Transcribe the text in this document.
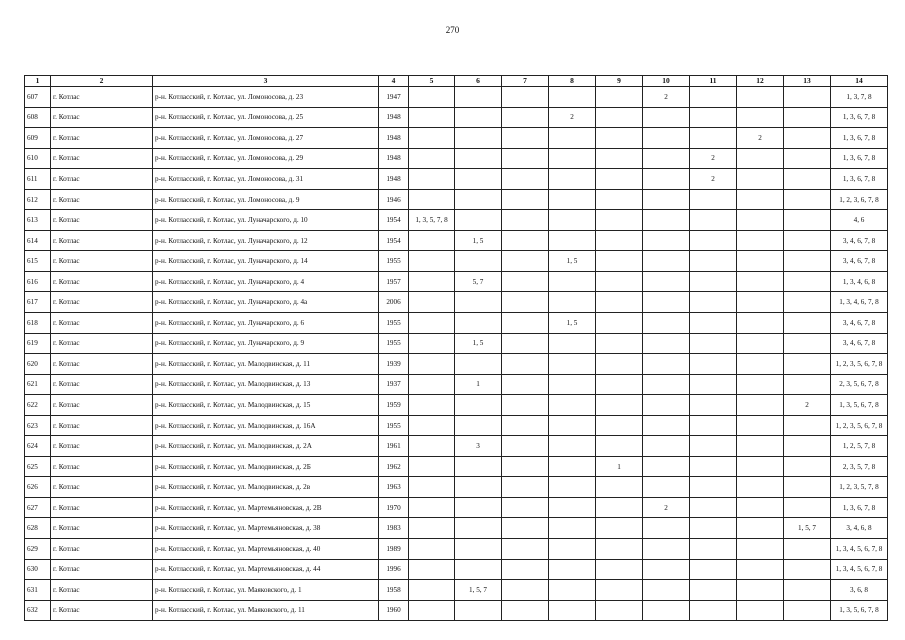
270
1	2	3	4	5	6	7	8	9	10	11	12	13	14
607	г. Котлас	р-н. Котласский, г. Котлас, ул. Ломоносова, д. 23	1947						2				1, 3, 7, 8
608	г. Котлас	р-н. Котласский, г. Котлас, ул. Ломоносова, д. 25	1948				2						1, 3, 6, 7, 8
609	г. Котлас	р-н. Котласский, г. Котлас, ул. Ломоносова, д. 27	1948								2		1, 3, 6, 7, 8
610	г. Котлас	р-н. Котласский, г. Котлас, ул. Ломоносова, д. 29	1948							2			1, 3, 6, 7, 8
611	г. Котлас	р-н. Котласский, г. Котлас, ул. Ломоносова, д. 31	1948							2			1, 3, 6, 7, 8
612	г. Котлас	р-н. Котласский, г. Котлас, ул. Ломоносова, д. 9	1946										1, 2, 3, 6, 7, 8
613	г. Котлас	р-н. Котласский, г. Котлас, ул. Луначарского, д. 10	1954	1, 3, 5, 7, 8									4, 6
614	г. Котлас	р-н. Котласский, г. Котлас, ул. Луначарского, д. 12	1954		1, 5								3, 4, 6, 7, 8
615	г. Котлас	р-н. Котласский, г. Котлас, ул. Луначарского, д. 14	1955				1, 5						3, 4, 6, 7, 8
616	г. Котлас	р-н. Котласский, г. Котлас, ул. Луначарского, д. 4	1957		5, 7								1, 3, 4, 6, 8
617	г. Котлас	р-н. Котласский, г. Котлас, ул. Луначарского, д. 4а	2006										1, 3, 4, 6, 7, 8
618	г. Котлас	р-н. Котласский, г. Котлас, ул. Луначарского, д. 6	1955				1, 5						3, 4, 6, 7, 8
619	г. Котлас	р-н. Котласский, г. Котлас, ул. Луначарского, д. 9	1955		1, 5								3, 4, 6, 7, 8
620	г. Котлас	р-н. Котласский, г. Котлас, ул. Малодвинская, д. 11	1939										1, 2, 3, 5, 6, 7, 8
621	г. Котлас	р-н. Котласский, г. Котлас, ул. Малодвинская, д. 13	1937		1								2, 3, 5, 6, 7, 8
622	г. Котлас	р-н. Котласский, г. Котлас, ул. Малодвинская, д. 15	1959									2	1, 3, 5, 6, 7, 8
623	г. Котлас	р-н. Котласский, г. Котлас, ул. Малодвинская, д. 16А	1955										1, 2, 3, 5, 6, 7, 8
624	г. Котлас	р-н. Котласский, г. Котлас, ул. Малодвинская, д. 2А	1961		3								1, 2, 5, 7, 8
625	г. Котлас	р-н. Котласский, г. Котлас, ул. Малодвинская, д. 2Б	1962					1					2, 3, 5, 7, 8
626	г. Котлас	р-н. Котласский, г. Котлас, ул. Малодвинская, д. 2в	1963										1, 2, 3, 5, 7, 8
627	г. Котлас	р-н. Котласский, г. Котлас, ул. Мартемьяновская, д. 2В	1970						2				1, 3, 6, 7, 8
628	г. Котлас	р-н. Котласский, г. Котлас, ул. Мартемьяновская, д. 38	1983									1, 5, 7	3, 4, 6, 8
629	г. Котлас	р-н. Котласский, г. Котлас, ул. Мартемьяновская, д. 40	1989										1, 3, 4, 5, 6, 7, 8
630	г. Котлас	р-н. Котласский, г. Котлас, ул. Мартемьяновская, д. 44	1996										1, 3, 4, 5, 6, 7, 8
631	г. Котлас	р-н. Котласский, г. Котлас, ул. Маяковского, д. 1	1958		1, 5, 7								3, 6, 8
632	г. Котлас	р-н. Котласский, г. Котлас, ул. Маяковского, д. 11	1960										1, 3, 5, 6, 7, 8
